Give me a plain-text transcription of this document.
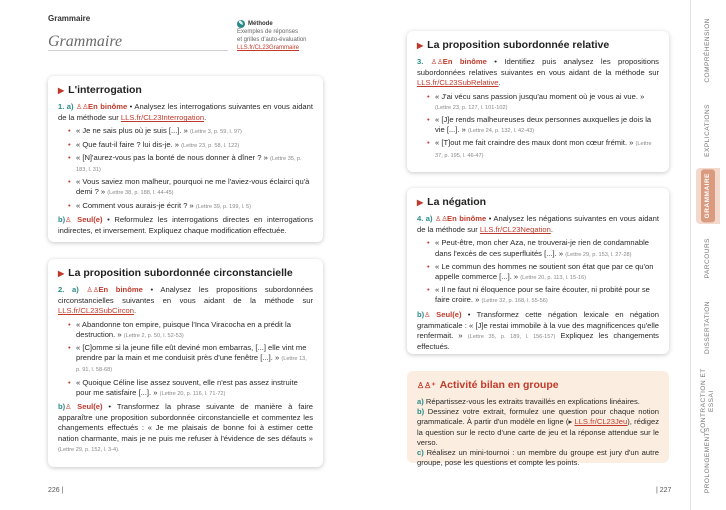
Grammaire
Grammaire
✎ Méthode
Exemples de réponses
et grilles d'auto-évaluation
LLS.fr/CL23Grammaire
▶ L'interrogation
1. a) ♙♙En binôme • Analysez les interrogations suivantes en vous aidant de la méthode sur LLS.fr/CL23Interrogation.
• « Je ne sais plus où je suis [...]. » (Lettre 3, p. 59, l. 97)
• « Que faut-il faire ? lui dis-je. » (Lettre 23, p. 58, l. 122)
• « [N]'aurez-vous pas la bonté de nous donner à dîner ? » (Lettre 35, p. 183, l. 31)
• « Vous saviez mon malheur, pourquoi ne me l'aviez-vous éclairci qu'à demi ? » (Lettre 38, p. 188, l. 44-45)
• « Comment vous aurais-je écrit ? » (Lettre 39, p. 199, l. 5)
b)♙ Seul(e) • Reformulez les interrogations directes en interrogations indirectes, et inversement. Expliquez chaque modification effectuée.
▶ La proposition subordonnée circonstancielle
2. a) ♙♙En binôme • Analysez les propositions subordonnées circonstancielles suivantes en vous aidant de la méthode sur LLS.fr/CL23SubCircon.
• « Abandonne ton empire, puisque l'Inca Viracocha en a prédit la destruction. » (Lettre 2, p. 50, l. 52-53)
• « [C]omme si la jeune fille eût deviné mon embarras, [...] elle vint me prendre par la main et me conduisit près d'une fenêtre [...]. » (Lettre 13, p. 91, l. 58-68)
• « Quoique Céline lise assez souvent, elle n'est pas assez instruite pour me satisfaire [...]. » (Lettre 20, p. 116, l. 71-72)
b)♙ Seul(e) • Transformez la phrase suivante de manière à faire apparaître une proposition subordonnée circonstancielle et commentez les changements effectués : « Je me plaisais de bonne foi à estimer cette nation charmante, mais je ne puis me refuser à l'évidence de ses défauts » (Lettre 29, p. 152, l. 3-4).
▶ La proposition subordonnée relative
3. ♙♙En binôme • Identifiez puis analysez les propositions subordonnées relatives suivantes en vous aidant de la méthode sur LLS.fr/CL23SubRelative.
• « J'ai vécu sans passion jusqu'au moment où je vous ai vue. » (Lettre 23, p. 127, l. 101-102)
• « [J]e rends malheureuses deux personnes auxquelles je dois la vie [...]. » (Lettre 24, p. 132, l. 42-43)
• « [T]out me fait craindre des maux dont mon cœur frémit. » (Lettre 37, p. 195, l. 46-47)
▶ La négation
4. a) ♙♙En binôme • Analysez les négations suivantes en vous aidant de la méthode sur LLS.fr/CL23Negation.
• « Peut-être, mon cher Aza, ne trouverai-je rien de condamnable dans l'excès de ces superfluités [...]. » (Lettre 29, p. 153, l. 27-28)
• « Le commun des hommes ne soutient son état que par ce qu'on appelle commerce [...]. » (Lettre 20, p. 113, l. 15-16)
• « Il ne faut ni éloquence pour se faire écouter, ni probité pour se faire croire. » (Lettre 32, p. 168, l. 55-56)
b)♙ Seul(e) • Transformez cette négation lexicale en négation grammaticale : « [J]e restai immobile à la vue des magnificences qu'elle renfermait. » (Lettre 35, p. 189, l. 156-157) Expliquez les changements effectués.
♙♙⁺ Activité bilan en groupe
a) Répartissez-vous les extraits travaillés en explications linéaires.
b) Dessinez votre extrait, formulez une question pour chaque notion grammaticale. À partir d'un modèle en ligne (▸ LLS.fr/CL23Jeu), rédigez la question sur le recto d'une carte de jeu et la réponse attendue sur le verso.
c) Réalisez un mini-tournoi : un membre du groupe est jury d'un autre groupe, pose les questions et compte les points.
COMPRÉHENSION
EXPLICATIONS
GRAMMAIRE
PARCOURS
DISSERTATION
CONTRACTION ET ESSAI
PROLONGEMENTS
226 |	| 227
